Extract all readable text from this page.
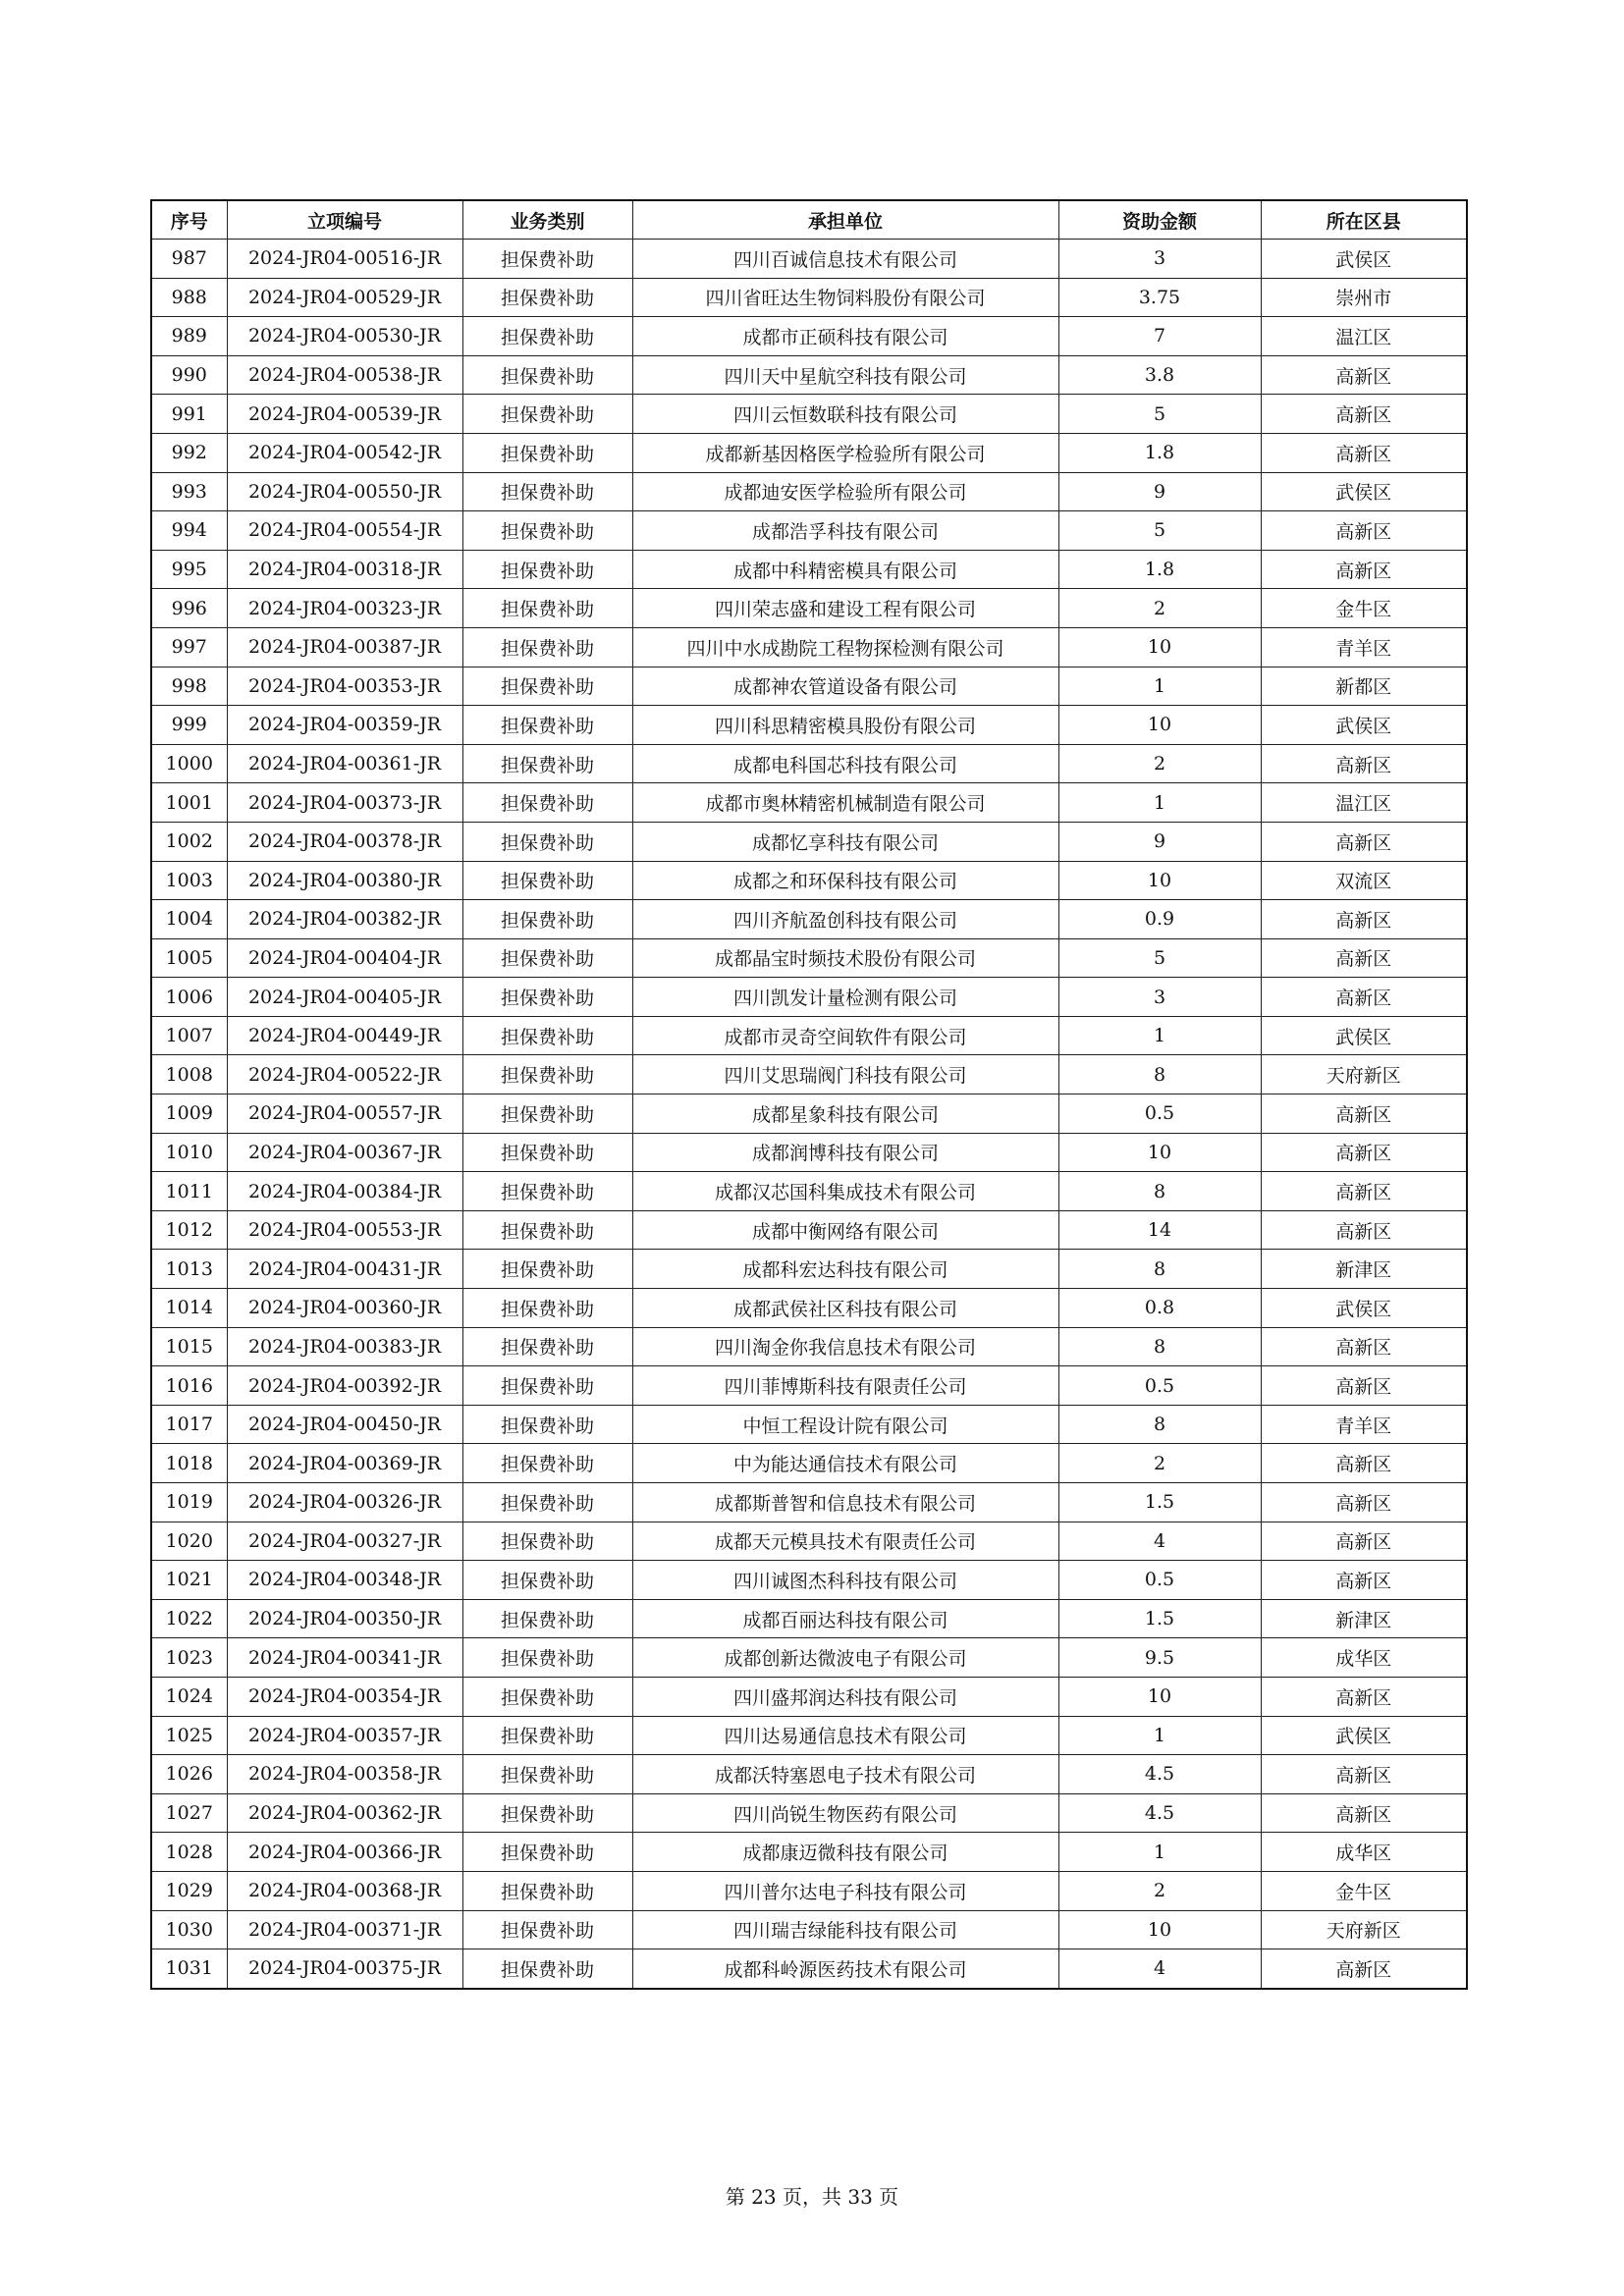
序号	立项编号	业务类别	承担单位	资助金额	所在区县
987	2024-JR04-00516-JR	担保费补助	四川百诚信息技术有限公司	3	武侯区
988	2024-JR04-00529-JR	担保费补助	四川省旺达生物饲料股份有限公司	3.75	崇州市
989	2024-JR04-00530-JR	担保费补助	成都市正硕科技有限公司	7	温江区
990	2024-JR04-00538-JR	担保费补助	四川天中星航空科技有限公司	3.8	高新区
991	2024-JR04-00539-JR	担保费补助	四川云恒数联科技有限公司	5	高新区
992	2024-JR04-00542-JR	担保费补助	成都新基因格医学检验所有限公司	1.8	高新区
993	2024-JR04-00550-JR	担保费补助	成都迪安医学检验所有限公司	9	武侯区
994	2024-JR04-00554-JR	担保费补助	成都浩孚科技有限公司	5	高新区
995	2024-JR04-00318-JR	担保费补助	成都中科精密模具有限公司	1.8	高新区
996	2024-JR04-00323-JR	担保费补助	四川荣志盛和建设工程有限公司	2	金牛区
997	2024-JR04-00387-JR	担保费补助	四川中水成勘院工程物探检测有限公司	10	青羊区
998	2024-JR04-00353-JR	担保费补助	成都神农管道设备有限公司	1	新都区
999	2024-JR04-00359-JR	担保费补助	四川科思精密模具股份有限公司	10	武侯区
1000	2024-JR04-00361-JR	担保费补助	成都电科国芯科技有限公司	2	高新区
1001	2024-JR04-00373-JR	担保费补助	成都市奥林精密机械制造有限公司	1	温江区
1002	2024-JR04-00378-JR	担保费补助	成都忆享科技有限公司	9	高新区
1003	2024-JR04-00380-JR	担保费补助	成都之和环保科技有限公司	10	双流区
1004	2024-JR04-00382-JR	担保费补助	四川齐航盈创科技有限公司	0.9	高新区
1005	2024-JR04-00404-JR	担保费补助	成都晶宝时频技术股份有限公司	5	高新区
1006	2024-JR04-00405-JR	担保费补助	四川凯发计量检测有限公司	3	高新区
1007	2024-JR04-00449-JR	担保费补助	成都市灵奇空间软件有限公司	1	武侯区
1008	2024-JR04-00522-JR	担保费补助	四川艾思瑞阀门科技有限公司	8	天府新区
1009	2024-JR04-00557-JR	担保费补助	成都星象科技有限公司	0.5	高新区
1010	2024-JR04-00367-JR	担保费补助	成都润博科技有限公司	10	高新区
1011	2024-JR04-00384-JR	担保费补助	成都汉芯国科集成技术有限公司	8	高新区
1012	2024-JR04-00553-JR	担保费补助	成都中衡网络有限公司	14	高新区
1013	2024-JR04-00431-JR	担保费补助	成都科宏达科技有限公司	8	新津区
1014	2024-JR04-00360-JR	担保费补助	成都武侯社区科技有限公司	0.8	武侯区
1015	2024-JR04-00383-JR	担保费补助	四川淘金你我信息技术有限公司	8	高新区
1016	2024-JR04-00392-JR	担保费补助	四川菲博斯科技有限责任公司	0.5	高新区
1017	2024-JR04-00450-JR	担保费补助	中恒工程设计院有限公司	8	青羊区
1018	2024-JR04-00369-JR	担保费补助	中为能达通信技术有限公司	2	高新区
1019	2024-JR04-00326-JR	担保费补助	成都斯普智和信息技术有限公司	1.5	高新区
1020	2024-JR04-00327-JR	担保费补助	成都天元模具技术有限责任公司	4	高新区
1021	2024-JR04-00348-JR	担保费补助	四川诚图杰科科技有限公司	0.5	高新区
1022	2024-JR04-00350-JR	担保费补助	成都百丽达科技有限公司	1.5	新津区
1023	2024-JR04-00341-JR	担保费补助	成都创新达微波电子有限公司	9.5	成华区
1024	2024-JR04-00354-JR	担保费补助	四川盛邦润达科技有限公司	10	高新区
1025	2024-JR04-00357-JR	担保费补助	四川达易通信息技术有限公司	1	武侯区
1026	2024-JR04-00358-JR	担保费补助	成都沃特塞恩电子技术有限公司	4.5	高新区
1027	2024-JR04-00362-JR	担保费补助	四川尚锐生物医药有限公司	4.5	高新区
1028	2024-JR04-00366-JR	担保费补助	成都康迈微科技有限公司	1	成华区
1029	2024-JR04-00368-JR	担保费补助	四川普尔达电子科技有限公司	2	金牛区
1030	2024-JR04-00371-JR	担保费补助	四川瑞吉绿能科技有限公司	10	天府新区
1031	2024-JR04-00375-JR	担保费补助	成都科岭源医药技术有限公司	4	高新区
第 23 页，共 33 页
